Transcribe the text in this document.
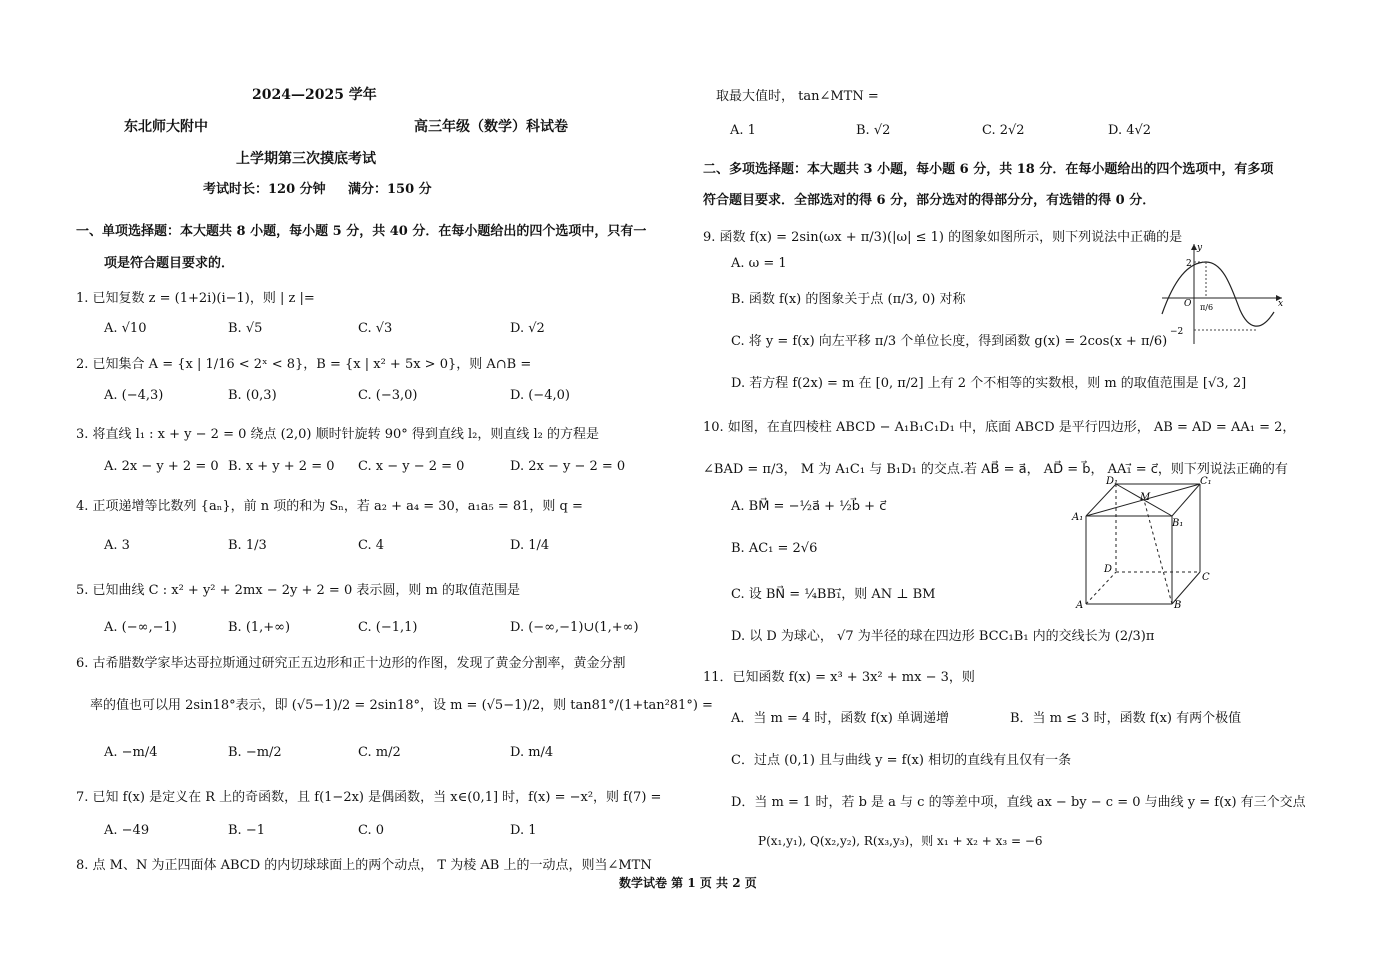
2024—2025 学年
东北师大附中	高三年级（数学）科试卷
上学期第三次摸底考试
考试时长：120 分钟 满分：150 分
一、单项选择题：本大题共 8 小题，每小题 5 分，共 40 分．在每小题给出的四个选项中，只有一
项是符合题目要求的．
1. 已知复数 z = (1+2i)(i−1)，则 | z |=
A. √10	B. √5	C. √3	D. √2
2. 已知集合 A = {x | 1/16 < 2ˣ < 8}，B = {x | x² + 5x > 0}，则 A∩B =
A. (−4,3)	B. (0,3)	C. (−3,0)	D. (−4,0)
3. 将直线 l₁ : x + y − 2 = 0 绕点 (2,0) 顺时针旋转 90° 得到直线 l₂，则直线 l₂ 的方程是
A. 2x − y + 2 = 0 B. x + y + 2 = 0 C. x − y − 2 = 0	D. 2x − y − 2 = 0
4. 正项递增等比数列 {aₙ}，前 n 项的和为 Sₙ，若 a₂ + a₄ = 30，a₁a₅ = 81，则 q =
A. 3	B. 1/3	C. 4	D. 1/4
5. 已知曲线 C : x² + y² + 2mx − 2y + 2 = 0 表示圆，则 m 的取值范围是
A. (−∞,−1)	B. (1,+∞)	C. (−1,1)	D. (−∞,−1)∪(1,+∞)
6. 古希腊数学家毕达哥拉斯通过研究正五边形和正十边形的作图，发现了黄金分割率，黄金分割
率的值也可以用 2sin18°表示，即 (√5−1)/2 = 2sin18°，设 m = (√5−1)/2，则 tan81°/(1+tan²81°) =
A. −m/4	B. −m/2	C. m/2	D. m/4
7. 已知 f(x) 是定义在 R 上的奇函数，且 f(1−2x) 是偶函数，当 x∈(0,1] 时，f(x) = −x²，则 f(7) =
A. −49	B. −1	C. 0	D. 1
8. 点 M、N 为正四面体 ABCD 的内切球球面上的两个动点， T 为棱 AB 上的一动点，则当∠MTN
取最大值时， tan∠MTN =
A. 1	B. √2	C. 2√2	D. 4√2
二、多项选择题：本大题共 3 小题，每小题 6 分，共 18 分．在每小题给出的四个选项中，有多项
符合题目要求．全部选对的得 6 分，部分选对的得部分分，有选错的得 0 分．
9. 函数 f(x) = 2sin(ωx + π/3)(|ω| ≤ 1) 的图象如图所示，则下列说法中正确的是
A. ω = 1
B. 函数 f(x) 的图象关于点 (π/3, 0) 对称
C. 将 y = f(x) 向左平移 π/3 个单位长度，得到函数 g(x) = 2cos(x + π/6)
D. 若方程 f(2x) = m 在 [0, π/2] 上有 2 个不相等的实数根，则 m 的取值范围是 [√3, 2]
y
x
O
2
−2
π/6
10. 如图，在直四棱柱 ABCD − A₁B₁C₁D₁ 中，底面 ABCD 是平行四边形， AB = AD = AA₁ = 2，
∠BAD = π/3， M 为 A₁C₁ 与 B₁D₁ 的交点.若 AB⃗ = a⃗， AD⃗ = b⃗， AA₁⃗ = c⃗，则下列说法正确的有
A. BM⃗ = −½a⃗ + ½b⃗ + c⃗
B. AC₁ = 2√6
C. 设 BN⃗ = ¼BB₁⃗，则 AN ⊥ BM
D. 以 D 为球心， √7 为半径的球在四边形 BCC₁B₁ 内的交线长为 (2/3)π
D₁
M
C₁
A₁
B₁
D
C
A	B
11．已知函数 f(x) = x³ + 3x² + mx − 3，则
A．当 m = 4 时，函数 f(x) 单调递增	B．当 m ≤ 3 时，函数 f(x) 有两个极值
C．过点 (0,1) 且与曲线 y = f(x) 相切的直线有且仅有一条
D．当 m = 1 时，若 b 是 a 与 c 的等差中项，直线 ax − by − c = 0 与曲线 y = f(x) 有三个交点
P(x₁,y₁), Q(x₂,y₂), R(x₃,y₃)，则 x₁ + x₂ + x₃ = −6
数学试卷 第 1 页 共 2 页
